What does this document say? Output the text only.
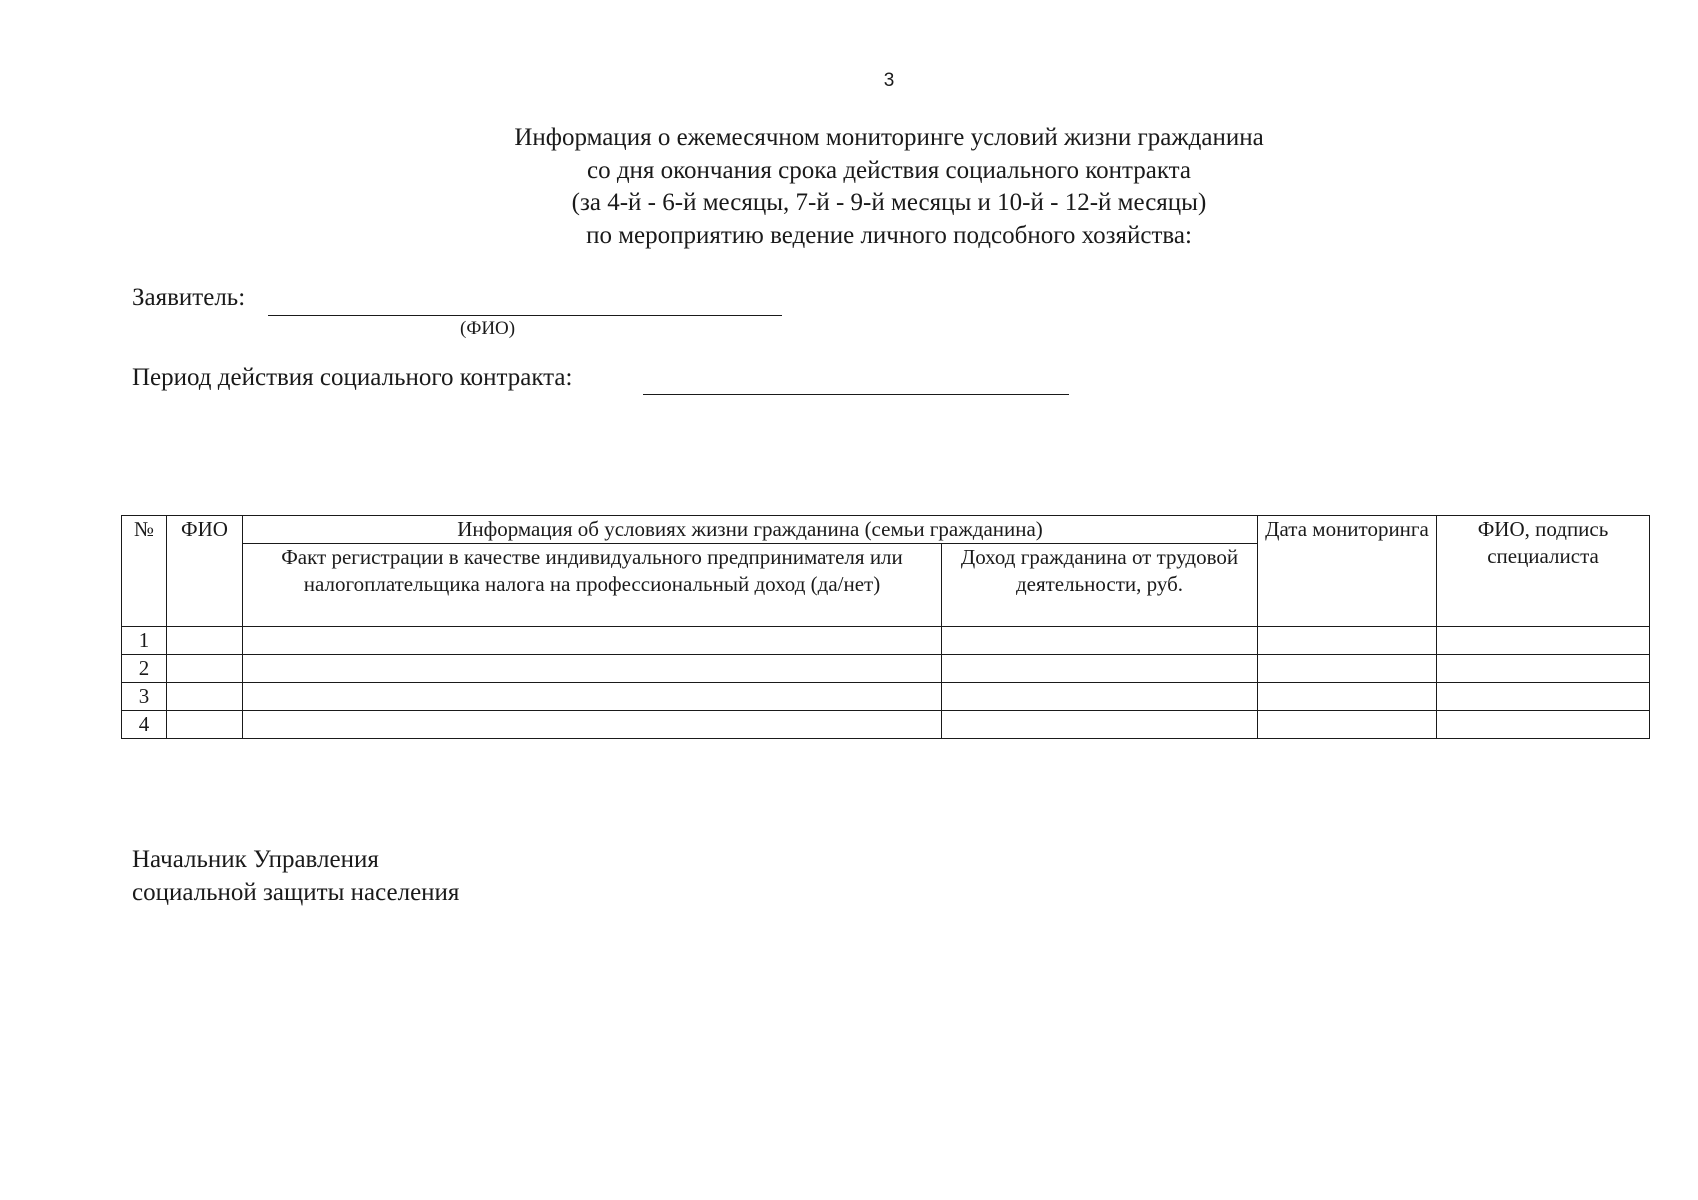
3
Информация о ежемесячном мониторинге условий жизни гражданина
со дня окончания срока действия социального контракта
(за 4-й - 6-й месяцы, 7-й - 9-й месяцы и 10-й - 12-й месяцы)
по мероприятию ведение личного подсобного хозяйства:
Заявитель:
(ФИО)
Период действия социального контракта:
№	ФИО	Информация об условиях жизни гражданина (семьи гражданина)		Дата мониторинга	ФИО, подпись специалиста
		Факт регистрации в качестве индивидуального предпринимателя или налогоплательщика налога на профессиональный доход (да/нет)	Доход гражданина от трудовой деятельности, руб.		
1					
2					
3					
4					
Начальник Управления
социальной защиты населения
